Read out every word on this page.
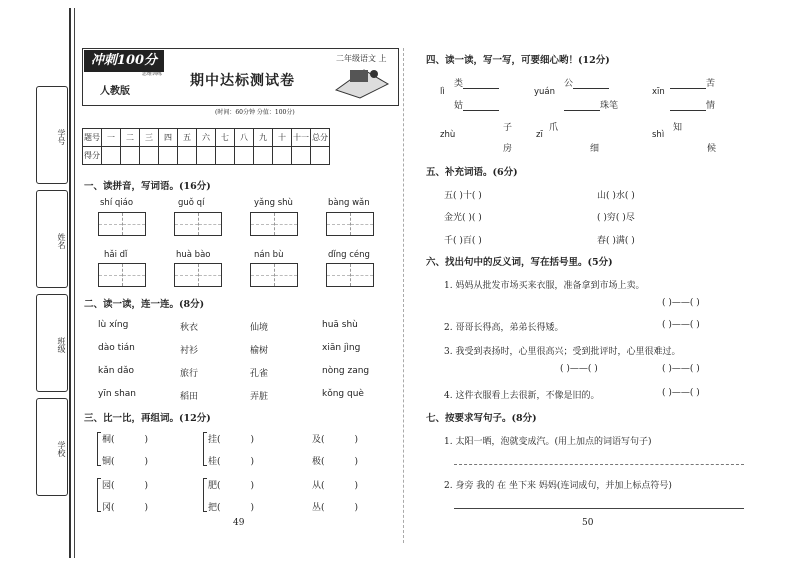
学号
姓名
班级
学校
冲刺100分
思维训练
人教版
期中达标测试卷
二年级语文 上
(时间：60分钟 分值：100分)
题号	一	二	三	四	五	六	七	八	九	十	十一	总分
得分												
一、读拼音，写词语。(16分)
shí qiáo	guǒ qí	yǎng shù	bàng wǎn
hǎi dǐ	huà bào	nán bù	dǐng céng
二、读一读，连一连。(8分)
lù xíng	秋衣	仙境	huā shù
dào tián	衬衫	榆树	xiān jìng
kǎn dǎo	旅行	孔雀	nòng zang
yīn shan	稻田	弄脏	kǒng què
三、比一比，再组词。(12分)
桐(	)
铜(	)
挂(	)
桂(	)
及(	)
极(	)
园(	)
冈(	)
肥(	)
把(	)
从(	)
丛(	)
49
四、读一读，写一写，可要细心哟！(12分)
类
lì
姑
公
yuán
珠笔
苦
xīn
情
子
zhù
房
爪
zī
细
知
shì
候
五、补充词语。(6分)
五( )十( )	山( )水( )
金光( )( )	( )穷( )尽
千( )百( )	春( )满( )
六、找出句中的反义词，写在括号里。(5分)
1. 妈妈从批发市场买来衣服，准备拿到市场上卖。
( )——( )
2. 哥哥长得高，弟弟长得矮。	( )——( )
3. 我受到表扬时，心里很高兴；受到批评时，心里很难过。
( )——( )	( )——( )
4. 这件衣服看上去很新，不像是旧的。	( )——( )
七、按要求写句子。(8分)
1. 太阳一晒，泡就变成汽。(用上加点的词语写句子)
2. 身旁 我的 在 坐下来 妈妈(连词成句，并加上标点符号)
50
